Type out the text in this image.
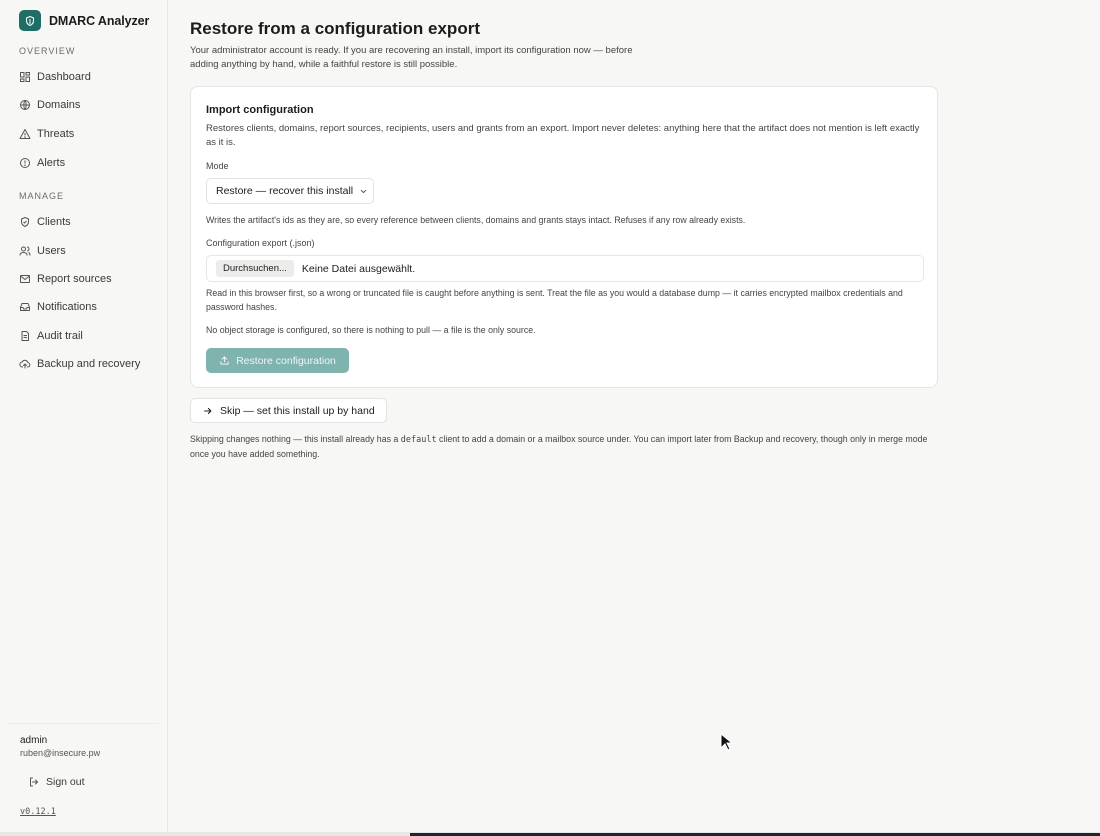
DMARC Analyzer
OVERVIEW
Dashboard
Domains
Threats
Alerts
MANAGE
Clients
Users
Report sources
Notifications
Audit trail
Backup and recovery
admin
ruben@insecure.pw
Sign out
v0.12.1
Restore from a configuration export
Your administrator account is ready. If you are recovering an install, import its configuration now — before adding anything by hand, while a faithful restore is still possible.
Import configuration
Restores clients, domains, report sources, recipients, users and grants from an export. Import never deletes: anything here that the artifact does not mention is left exactly as it is.
Mode
Restore — recover this install
Writes the artifact's ids as they are, so every reference between clients, domains and grants stays intact. Refuses if any row already exists.
Configuration export (.json)
Durchsuchen...	Keine Datei ausgewählt.
Read in this browser first, so a wrong or truncated file is caught before anything is sent. Treat the file as you would a database dump — it carries encrypted mailbox credentials and password hashes.
No object storage is configured, so there is nothing to pull — a file is the only source.
Restore configuration
Skip — set this install up by hand
Skipping changes nothing — this install already has a default client to add a domain or a mailbox source under. You can import later from Backup and recovery, though only in merge mode once you have added something.
